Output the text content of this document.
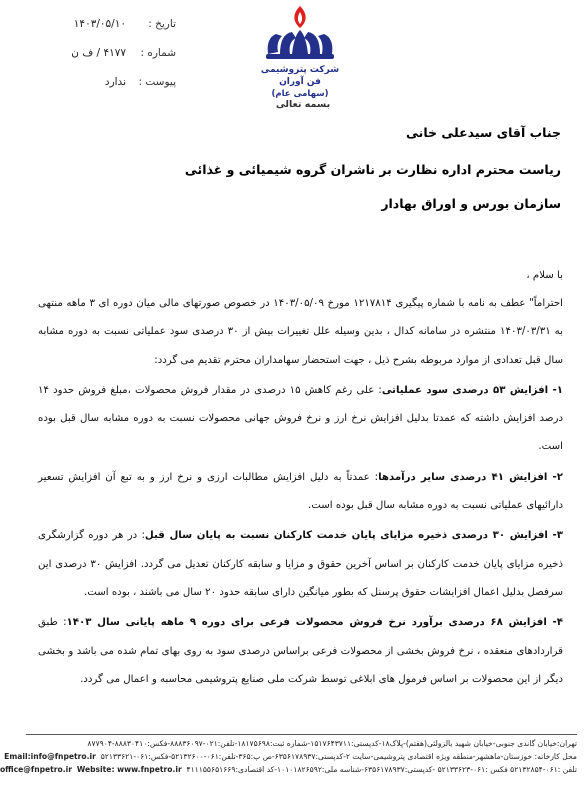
تاریخ :
۱۴۰۳/۰۵/۱۰
شماره :
۴۱۷۷ / ف ن
پیوست :
ندارد
شرکت پتروشیمی فن آوران
(سهامی عام)
بسمه تعالی
جناب آقای سیدعلی خانی
ریاست محترم اداره نظارت بر ناشران گروه شیمیائی و غذائی
سازمان بورس و اوراق بهادار
با سلام ،

احتراماً" عطف به نامه با شماره پیگیری ۱۲۱۷۸۱۴ مورخ ۱۴۰۳/۰۵/۰۹ در خصوص صورتهای مالی میان دوره ای ۳ ماهه منتهی به ۱۴۰۳/۰۳/۳۱ منتشره در سامانه کدال ، بدین وسیله علل تغییرات بیش از ۳۰ درصدی سود عملیاتی نسبت به دوره مشابه سال قبل تعدادی از موارد مربوطه بشرح ذیل ، جهت استحضار سهامداران محترم تقدیم می گردد:

۱- افزایش ۵۳ درصدی سود عملیاتی: علی رغم کاهش ۱۵ درصدی در مقدار فروش محصولات ،مبلغ فروش حدود ۱۴ درصد افزایش داشته که عمدتا بدلیل افزایش نرخ ارز و نرخ فروش جهانی محصولات نسبت به دوره مشابه سال قبل بوده است.

۲- افزایش ۴۱ درصدی سایر درآمدها: عمدتاً به دلیل افزایش مطالبات ارزی و نرخ ارز و به تبع آن افزایش تسعیر دارائیهای عملیاتی نسبت به دوره مشابه سال قبل بوده است.

۳- افزایش ۳۰ درصدی ذخیره مزایای پایان خدمت کارکنان نسبت به پایان سال قبل: در هر دوره گزارشگری ذخیره مزایای پایان خدمت کارکنان بر اساس آخرین حقوق و مزایا و سابقه کارکنان تعدیل می گردد. افزایش ۳۰ درصدی این سرفصل بدلیل اعمال افزایشات حقوق پرسنل که بطور میانگین دارای سابقه حدود ۲۰ سال می باشند ، بوده است.

۴- افزایش ۶۸ درصدی برآورد نرخ فروش محصولات فرعی برای دوره ۹ ماهه پایانی سال ۱۴۰۳: طبق قراردادهای منعقده ، نرخ فروش بخشی از محصولات فرعی براساس درصدی سود به روی بهای تمام شده می باشد و بخشی دیگر از این محصولات بر اساس فرمول های ابلاغی توسط شرکت ملی صنایع پتروشیمی محاسبه و اعمال می گردد.

تهران:خیابان گاندی جنوبی-خیابان شهید بالزولئی(هفتم)-پلاک۱۸-کدپستی:۱۵۱۷۶۴۳۷۱۱-شماره ثبت:۱۸۱۷۵۶۹۸-تلفن:۰۲۱-۸۸۸۳۶۰۹۷-فکس:۸۸۸۳۰۴۱۰-۸۷۷۹۰۴
محل کارخانه: خوزستان-ماهشهر-منطقه ویژه اقتصادی پتروشیمی-سایت ۲-کدپستی:۶۳۵۶۱۷۸۹۳۷-ص پ:۳۶۵-تلفن:۰۶۱-۵۲۱۳۲۶۰۰-فکس:۰۶۱-۵۲۱۳۳۶۲۱  Email:info@fnpetro.ir
تلفن :۰۶۱-۵۲۱۳۲۸۵۴ فکس :۰۶۱-۵۲۱۳۳۶۲۳ -کدپستی:۶۳۵۶۱۷۸۹۳۷-شناسه ملی:۱۰۱۰۱۸۲۶۵۹۲-کد اقتصادی:۴۱۱۱۵۵۶۵۱۶۶۹  office@fnpetro.ir Website: www.fnpetro.ir
